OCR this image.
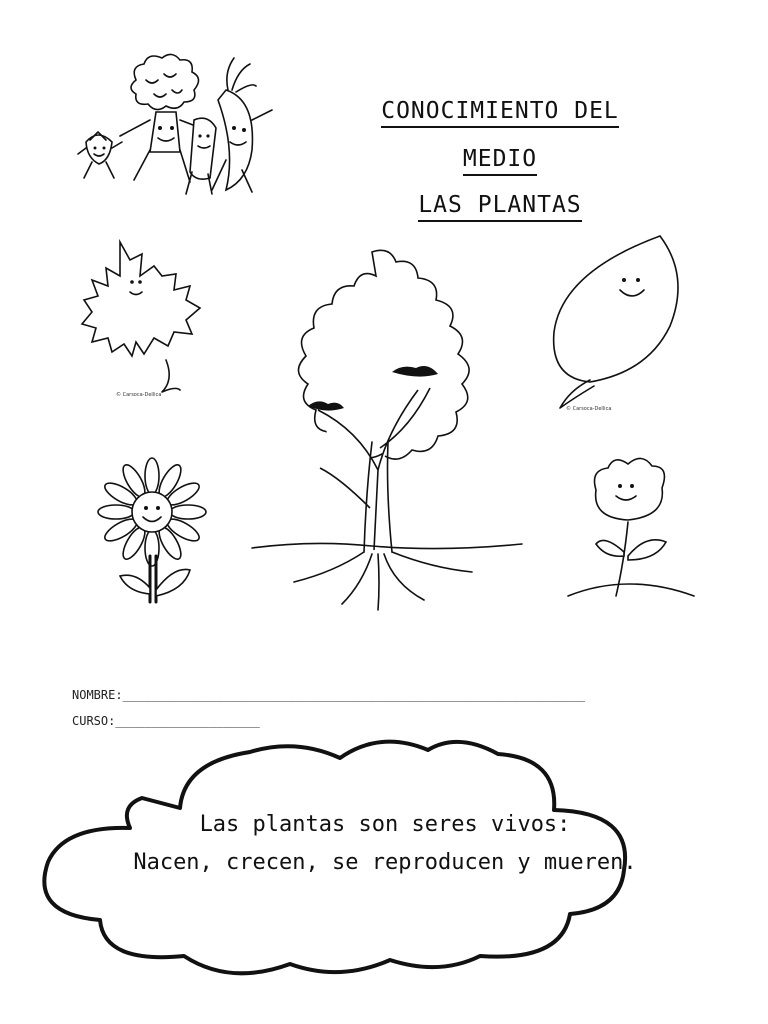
CONOCIMIENTO DEL
MEDIO
LAS PLANTAS
© Carsoca-Dellica
© Carsoca-Dellica
NOMBRE:________________________________________________________________
CURSO:____________________
Las plantas son seres vivos:
Nacen, crecen, se reproducen y mueren.
